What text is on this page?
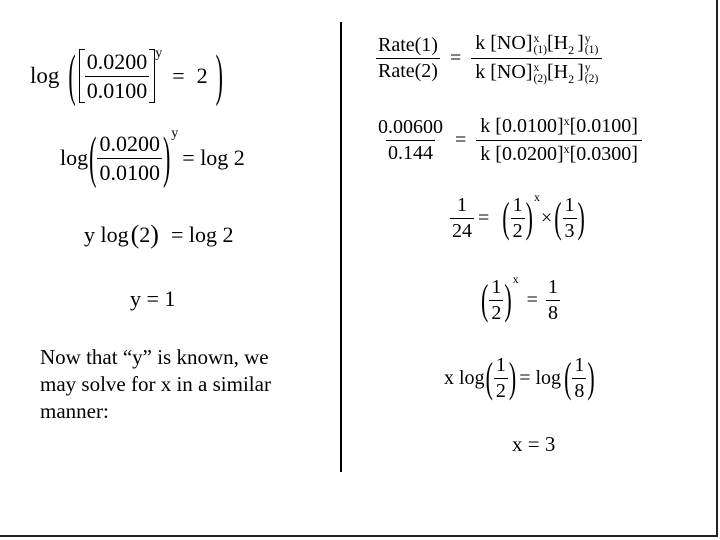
log ( $\frac{0.0200}{0.0100}$ y
= 2 )
log ( $\frac{0.0200}{0.0100}$ ) y
= log 2
y log ( 2 ) = log 2
y = 1
Now that “y” is known, we
may solve for x in a similar
manner:
$\frac{\text{Rate(1)}}{\text{Rate(2)}} = k$ [NO] x
(1) [$H_2$ ] y
(1)
k [NO] x
(2) [$H_2$ ] y
(2)
$\frac{0.00600}{0.144} = \frac{k [0.0100]^x[0.0100]}{k [0.0200]^x[0.0300]}$
$\frac{1}{24}$ = ( $\frac{1}{2}$ ) x
× ( $\frac{1}{3}$ )
( $\frac{1}{2}$ ) x
= $\frac{1}{8}$
x log ( $\frac{1}{2}$ ) = log ( $\frac{1}{8}$ )
x = 3
